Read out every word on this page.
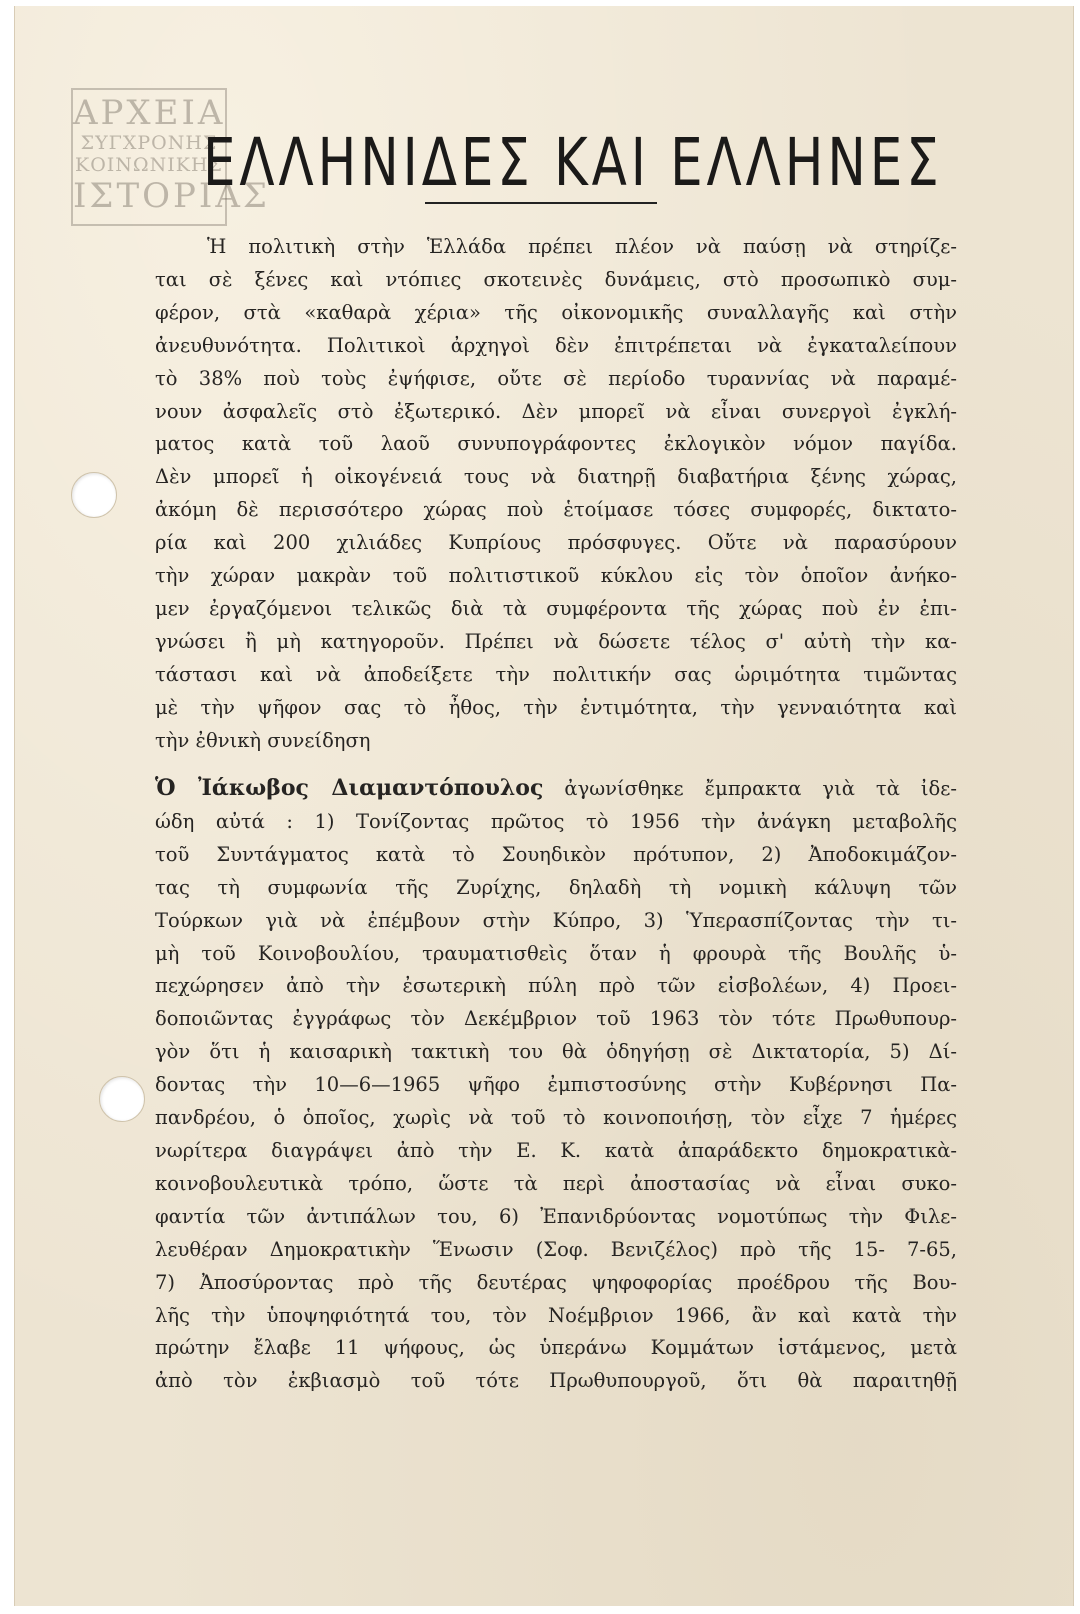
ΑΡΧΕΙΑ
ΣΥΓΧΡΟΝΗΣ
ΚΟΙΝΩΝΙΚΗΣ
ΙΣΤΟΡΙΑΣ
ΕΛΛΗΝΙΔΕΣ ΚΑΙ ΕΛΛΗΝΕΣ
Ἡ πολιτικὴ στὴν Ἑλλάδα πρέπει πλέον νὰ παύσῃ νὰ στηρίζε-
ται σὲ ξένες καὶ ντόπιες σκοτεινὲς δυνάμεις, στὸ προσωπικὸ συμ-
φέρον, στὰ «καθαρὰ χέρια» τῆς οἰκονομικῆς συναλλαγῆς καὶ στὴν
ἀνευθυνότητα. Πολιτικοὶ ἀρχηγοὶ δὲν ἐπιτρέπεται νὰ ἐγκαταλείπουν
τὸ 38% ποὺ τοὺς ἐψήφισε, οὔτε σὲ περίοδο τυραννίας νὰ παραμέ-
νουν ἀσφαλεῖς στὸ ἐξωτερικό. Δὲν μπορεῖ νὰ εἶναι συνεργοὶ ἐγκλή-
ματος κατὰ τοῦ λαοῦ συνυπογράφοντες ἐκλογικὸν νόμον παγίδα.
Δὲν μπορεῖ ἡ οἰκογένειά τους νὰ διατηρῇ διαβατήρια ξένης χώρας,
ἀκόμη δὲ περισσότερο χώρας ποὺ ἑτοίμασε τόσες συμφορές, δικτατο-
ρία καὶ 200 χιλιάδες Κυπρίους πρόσφυγες. Οὔτε νὰ παρασύρουν
τὴν χώραν μακρὰν τοῦ πολιτιστικοῦ κύκλου εἰς τὸν ὁποῖον ἀνήκο-
μεν ἐργαζόμενοι τελικῶς διὰ τὰ συμφέροντα τῆς χώρας ποὺ ἐν ἐπι-
γνώσει ἢ μὴ κατηγοροῦν. Πρέπει νὰ δώσετε τέλος σ' αὐτὴ τὴν κα-
τάστασι καὶ νὰ ἀποδείξετε τὴν πολιτικήν σας ὡριμότητα τιμῶντας
μὲ τὴν ψῆφον σας τὸ ἦθος, τὴν ἐντιμότητα, τὴν γενναιότητα καὶ
τὴν ἐθνικὴ συνείδηση
Ὁ Ἰάκωβος Διαμαντόπουλος ἀγωνίσθηκε ἔμπρακτα γιὰ τὰ ἰδε-
ώδη αὐτά : 1) Τονίζοντας πρῶτος τὸ 1956 τὴν ἀνάγκη μεταβολῆς
τοῦ Συντάγματος κατὰ τὸ Σουηδικὸν πρότυπον, 2) Ἀποδοκιμάζον-
τας τὴ συμφωνία τῆς Ζυρίχης, δηλαδὴ τὴ νομικὴ κάλυψη τῶν
Τούρκων γιὰ νὰ ἐπέμβουν στὴν Κύπρο, 3) Ὑπερασπίζοντας τὴν τι-
μὴ τοῦ Κοινοβουλίου, τραυματισθεὶς ὅταν ἡ φρουρὰ τῆς Βουλῆς ὑ-
πεχώρησεν ἀπὸ τὴν ἐσωτερικὴ πύλη πρὸ τῶν εἰσβολέων, 4) Προει-
δοποιῶντας ἐγγράφως τὸν Δεκέμβριον τοῦ 1963 τὸν τότε Πρωθυπουρ-
γὸν ὅτι ἡ καισαρικὴ τακτικὴ του θὰ ὁδηγήσῃ σὲ Δικτατορία, 5) Δί-
δοντας τὴν 10—6—1965 ψῆφο ἐμπιστοσύνης στὴν Κυβέρνησι Πα-
πανδρέου, ὁ ὁποῖος, χωρὶς νὰ τοῦ τὸ κοινοποιήσῃ, τὸν εἶχε 7 ἡμέρες
νωρίτερα διαγράψει ἀπὸ τὴν Ε. Κ. κατὰ ἀπαράδεκτο δημοκρατικὰ-
κοινοβουλευτικὰ τρόπο, ὥστε τὰ περὶ ἀποστασίας νὰ εἶναι συκο-
φαντία τῶν ἀντιπάλων του, 6) Ἐπανιδρύοντας νομοτύπως τὴν Φιλε-
λευθέραν Δημοκρατικὴν Ἕνωσιν (Σοφ. Βενιζέλος) πρὸ τῆς 15- 7-65,
7) Ἀποσύροντας πρὸ τῆς δευτέρας ψηφοφορίας προέδρου τῆς Βου-
λῆς τὴν ὑποψηφιότητά του, τὸν Νοέμβριον 1966, ἂν καὶ κατὰ τὴν
πρώτην ἔλαβε 11 ψήφους, ὡς ὑπεράνω Κομμάτων ἱστάμενος, μετὰ
ἀπὸ τὸν ἐκβιασμὸ τοῦ τότε Πρωθυπουργοῦ, ὅτι θὰ παραιτηθῇ
